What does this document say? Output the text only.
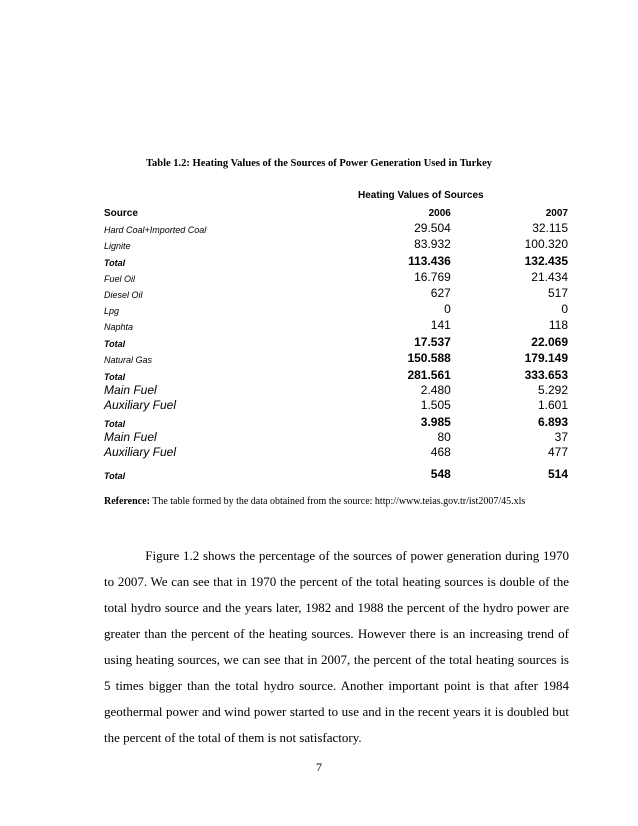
Table 1.2: Heating Values of the Sources of Power Generation Used in Turkey
Heating Values of Sources
Source	2006	2007
Hard Coal+Imported Coal	29.504	32.115
Lignite	83.932	100.320
Total	113.436	132.435
Fuel Oil	16.769	21.434
Diesel Oil	627	517
Lpg	0	0
Naphta	141	118
Total	17.537	22.069
Natural Gas	150.588	179.149
Total	281.561	333.653
Main Fuel	2.480	5.292
Auxiliary Fuel	1.505	1.601
Total	3.985	6.893
Main Fuel	80	37
Auxiliary Fuel	468	477
Total	548	514
Reference: The table formed by the data obtained from the source: http://www.teias.gov.tr/ist2007/45.xls
Figure 1.2 shows the percentage of the sources of power generation during 1970 to 2007. We can see that in 1970 the percent of the total heating sources is double of the total hydro source and the years later, 1982 and 1988 the percent of the hydro power are greater than the percent of the heating sources. However there is an increasing trend of using heating sources, we can see that in 2007, the percent of the total heating sources is 5 times bigger than the total hydro source. Another important point is that after 1984 geothermal power and wind power started to use and in the recent years it is doubled but the percent of the total of them is not satisfactory.
7
